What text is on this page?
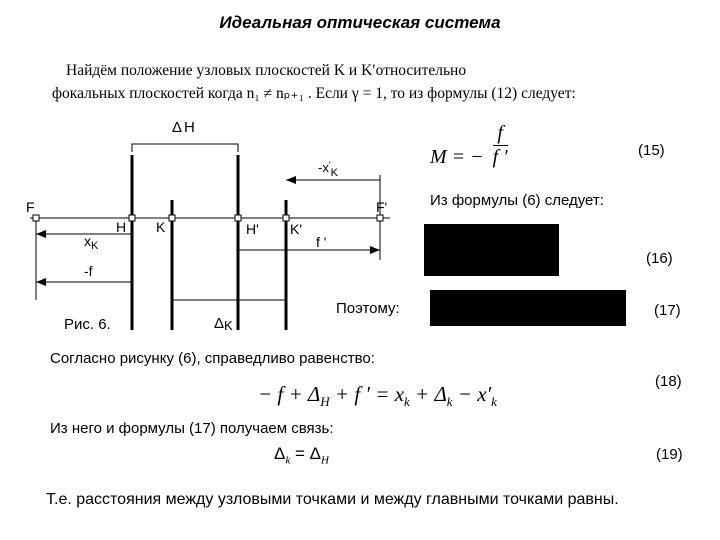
Идеальная оптическая система
Найдём положение узловых плоскостей K и K′относительно
фокальных плоскостей когда n₁ ≠ nₚ₊₁ . Если γ = 1, то из формулы (12) следует:
Δ H
$-x'_K$
F	F'
H K	H' K'
$x_K$	f '
-f
ΔK
Рис. 6.
M = − $\frac{f}{f '}$	(15)
Из формулы (6) следует:
(16)
Поэтому:	(17)
Согласно рисунку (6), справедливо равенство:
− $f + \Delta_H + f$ ′ = $x_k + \Delta_k - x'_k$
(18)
Из него и формулы (17) получаем связь:
$\Delta_k = \Delta_H$	(19)
Т.е. расстояния между узловыми точками и между главными точками равны.
